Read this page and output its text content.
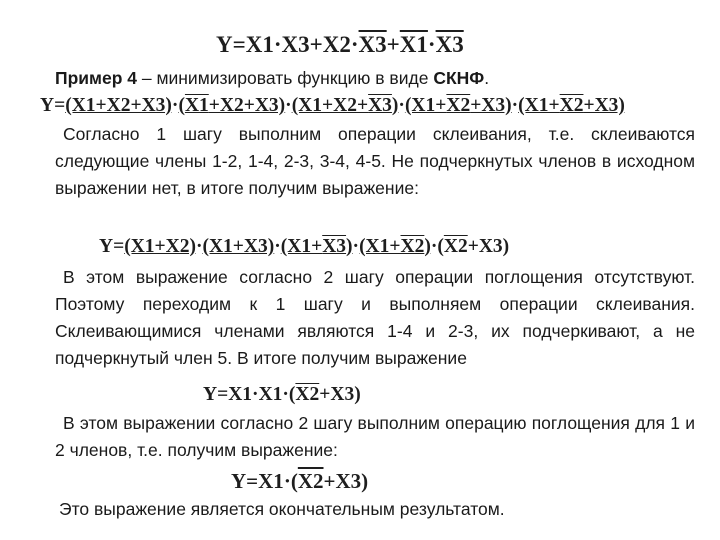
Y=X1·X3+X2·X3+X1·X3
Пример 4 – минимизировать функцию в виде СКНФ.
Y=(X1+X2+X3)·(X1+X2+X3)·(X1+X2+X3)·(X1+X2+X3)·(X1+X2+X3)
Согласно 1 шагу выполним операции склеивания, т.е. склеиваются следующие члены 1-2, 1-4, 2-3, 3-4, 4-5. Не подчеркнутых членов в исходном выражении нет, в итоге получим выражение:
Y=(X1+X2)·(X1+X3)·(X1+X3)·(X1+X2)·(X2+X3)
В этом выражение согласно 2 шагу операции поглощения отсутствуют. Поэтому переходим к 1 шагу и выполняем операции склеивания. Склеивающимися членами являются 1-4 и 2-3, их подчеркивают, а не подчеркнутый член 5. В итоге получим выражение
Y=X1·X1·(X2+X3)
В этом выражении согласно 2 шагу выполним операцию поглощения для 1 и 2 членов, т.е. получим выражение:
Y=X1·(X2+X3)
Это выражение является окончательным результатом.
